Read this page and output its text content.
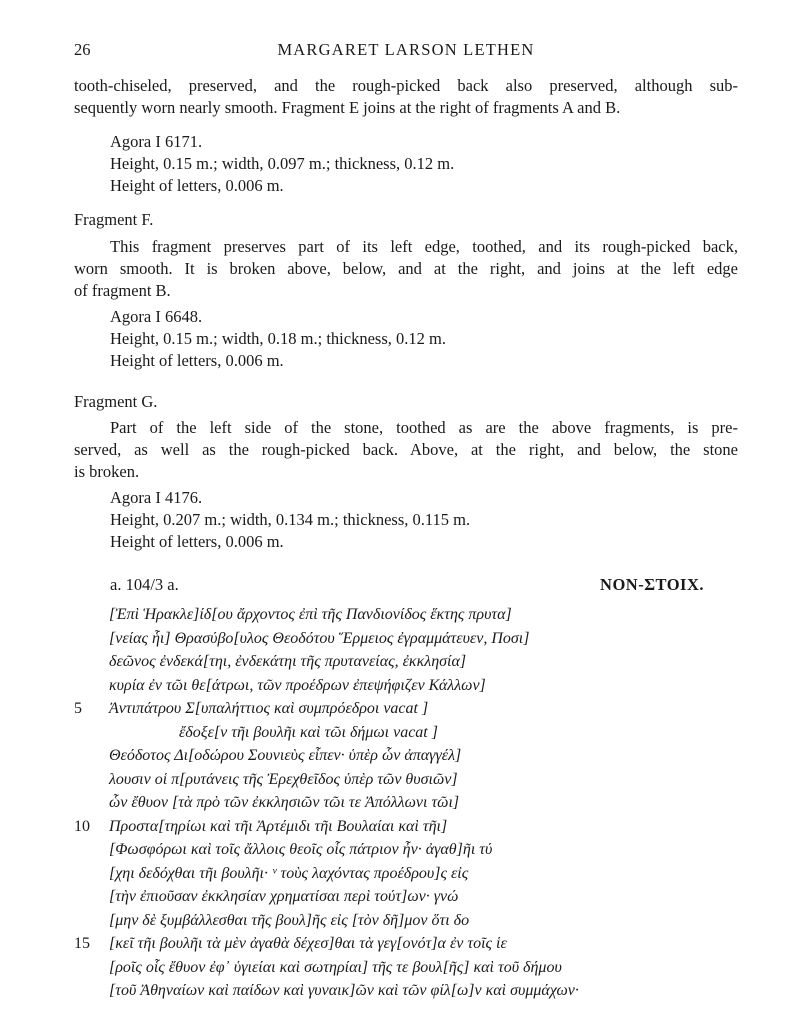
26	MARGARET LARSON LETHEN
tooth-chiseled, preserved, and the rough-picked back also preserved, although sub-
sequently worn nearly smooth. Fragment E joins at the right of fragments A and B.
Agora I 6171.
Height, 0.15 m.; width, 0.097 m.; thickness, 0.12 m.
Height of letters, 0.006 m.
Fragment F.
This fragment preserves part of its left edge, toothed, and its rough-picked back,
worn smooth. It is broken above, below, and at the right, and joins at the left edge
of fragment B.
Agora I 6648.
Height, 0.15 m.; width, 0.18 m.; thickness, 0.12 m.
Height of letters, 0.006 m.
Fragment G.
Part of the left side of the stone, toothed as are the above fragments, is pre-
served, as well as the rough-picked back. Above, at the right, and below, the stone
is broken.
Agora I 4176.
Height, 0.207 m.; width, 0.134 m.; thickness, 0.115 m.
Height of letters, 0.006 m.
a. 104/3 a.	NON-ΣΤΟΙΧ.
[Ἐπὶ Ἡρακλε]ίδ[ου ἄρχοντος ἐπὶ τῆς Πανδιονίδος ἕκτης πρυτα]
[νείας ἧι] Θρασύβο[υλος Θεοδότου Ἕρμειος ἐγραμμάτευεν, Ποσι]
δεῶνος ἐνδεκά[τηι, ἐνδεκάτηι τῆς πρυτανείας, ἐκκλησία]
κυρία ἐν τῶι θε[άτρωι, τῶν προέδρων ἐπεψήφιζεν Κάλλων]
5	Ἀντιπάτρου Σ[υπαλήττιος καὶ συμπρόεδροι vacat ]
ἔδοξε[ν τῆι βουλῆι καὶ τῶι δήμωι vacat ]
Θεόδοτος Δι[οδώρου Σουνιεὺς εἶπεν· ὑπὲρ ὧν ἀπαγγέλ]
λουσιν οἱ π[ρυτάνεις τῆς Ἐρεχθεῖδος ὑπὲρ τῶν θυσιῶν]
ὧν ἔθυον [τὰ πρὸ τῶν ἐκκλησιῶν τῶι τε Ἀπόλλωνι τῶι]
10	Προστα[τηρίωι καὶ τῆι Ἀρτέμιδι τῆι Βουλαίαι καὶ τῆι]
[Φωσφόρωι καὶ τοῖς ἄλλοις θεοῖς οἷς πάτριον ἦν· ἀγαθ]ῆι τύ
[χηι δεδόχθαι τῆι βουλῆι· ᵛ τοὺς λαχόντας προέδρου]ς εἰς
[τὴν ἐπιοῦσαν ἐκκλησίαν χρηματίσαι περὶ τούτ]ων· γνώ
[μην δὲ ξυμβάλλεσθαι τῆς βουλ]ῆς εἰς [τὸν δῆ]μον ὅτι δο
15	[κεῖ τῆι βουλῆι τὰ μὲν ἀγαθὰ δέχεσ]θαι τὰ γεγ[ονότ]α ἐν τοῖς ἱε
[ροῖς οἷς ἔθυον ἐφ᾿ ὑγιείαι καὶ σωτηρίαι] τῆς τε βουλ[ῆς] καὶ τοῦ δήμου
[τοῦ Ἀθηναίων καὶ παίδων καὶ γυναικ]ῶν καὶ τῶν φίλ[ω]ν καὶ συμμάχων·
